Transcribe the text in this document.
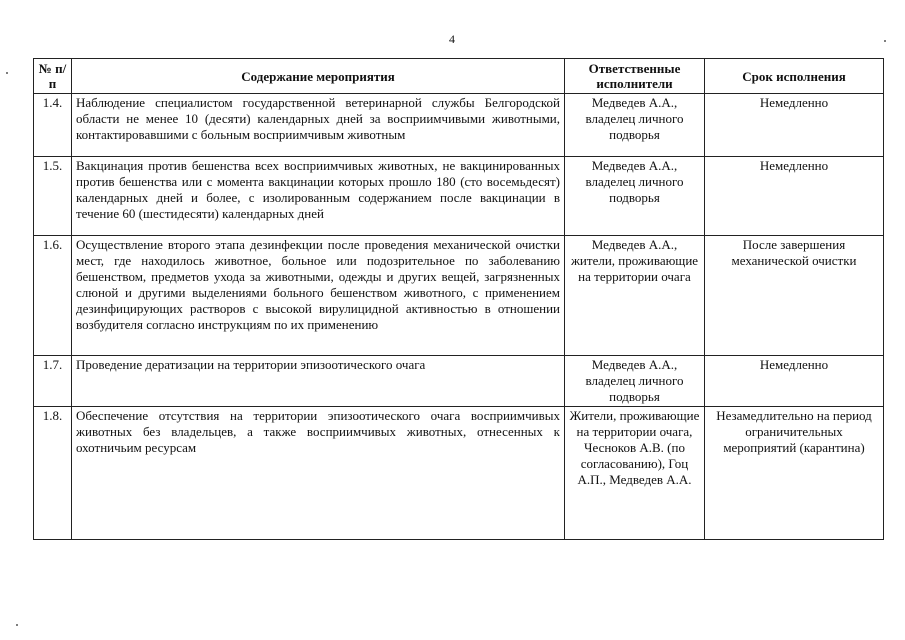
4
№ п/п	Содержание мероприятия	Ответственные исполнители	Срок исполнения
1.4.	Наблюдение специалистом государственной ветеринарной службы Белгородской области не менее 10 (десяти) календарных дней за восприимчивыми животными, контактировавшими с больным восприимчивым животным	Медведев А.А., владелец личного подворья	Немедленно
1.5.	Вакцинация против бешенства всех восприимчивых животных, не вакцинированных против бешенства или с момента вакцинации которых прошло 180 (сто восемьдесят) календарных дней и более, с изолированным содержанием после вакцинации в течение 60 (шестидесяти) календарных дней	Медведев А.А., владелец личного подворья	Немедленно
1.6.	Осуществление второго этапа дезинфекции после проведения механической очистки мест, где находилось животное, больное или подозрительное по заболеванию бешенством, предметов ухода за животными, одежды и других вещей, загрязненных слюной и другими выделениями больного бешенством животного, с применением дезинфицирующих растворов с высокой вирулицидной активностью в отношении возбудителя согласно инструкциям по их применению	Медведев А.А., жители, проживающие на территории очага	После завершения механической очистки
1.7.	Проведение дератизации на территории эпизоотического очага	Медведев А.А., владелец личного подворья	Немедленно
1.8.	Обеспечение отсутствия на территории эпизоотического очага восприимчивых животных без владельцев, а также восприимчивых животных, отнесенных к охотничьим ресурсам	Жители, проживающие на территории очага, Чесноков А.В. (по согласованию), Гоц А.П., Медведев А.А.	Незамедлительно на период ограничительных мероприятий (карантина)
